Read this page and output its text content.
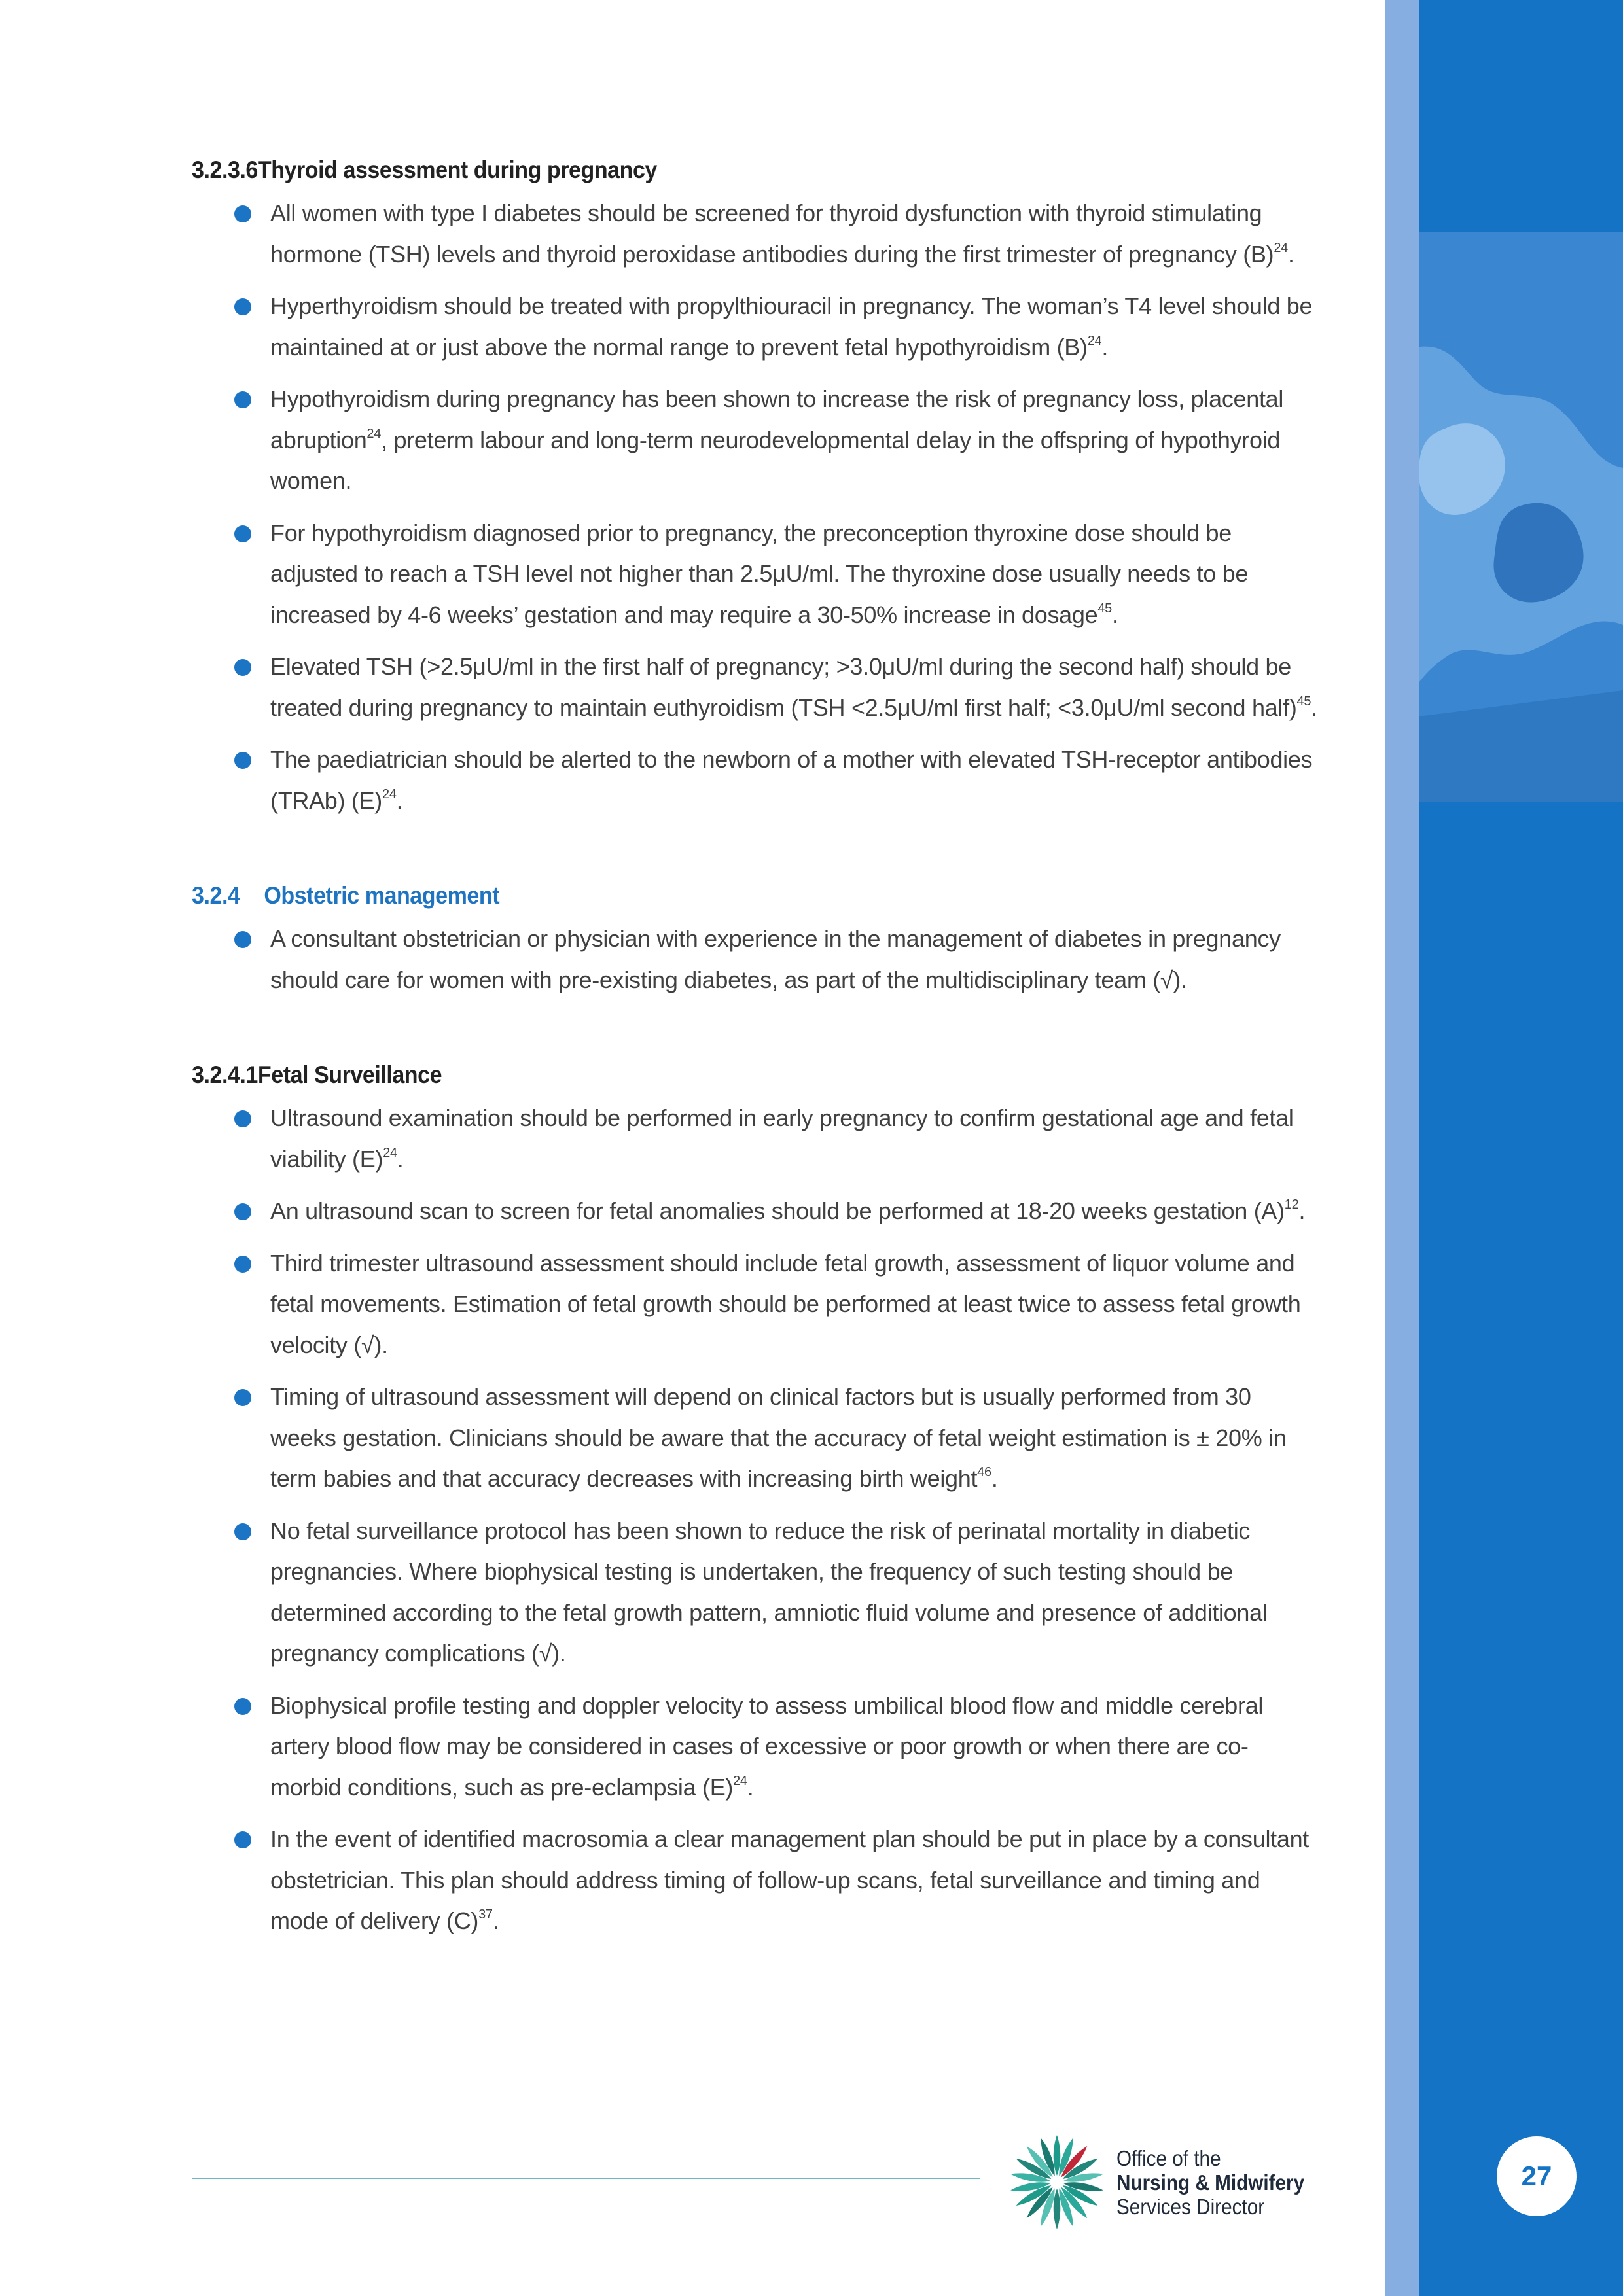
3.2.3.6Thyroid assessment during pregnancy
All women with type I diabetes should be screened for thyroid dysfunction with thyroid stimulating hormone (TSH) levels and thyroid peroxidase antibodies during the first trimester of pregnancy $(B)^{24}$.
Hyperthyroidism should be treated with propylthiouracil in pregnancy. The woman’s T4 level should be maintained at or just above the normal range to prevent fetal hypothyroidism $(B)^{24}$.
Hypothyroidism during pregnancy has been shown to increase the risk of pregnancy loss, placental abruption$^{24}$, preterm labour and long-term neurodevelopmental delay in the offspring of hypothyroid women.
For hypothyroidism diagnosed prior to pregnancy, the preconception thyroxine dose should be adjusted to reach a TSH level not higher than 2.5μU/ml. The thyroxine dose usually needs to be increased by 4-6 weeks’ gestation and may require a 30-50% increase in dosage$^{45}$.
Elevated TSH (>2.5μU/ml in the first half of pregnancy; >3.0μU/ml during the second half) should be treated during pregnancy to maintain euthyroidism (TSH <2.5μU/ml first half; <3.0μU/ml second half)$^{45}$.
The paediatrician should be alerted to the newborn of a mother with elevated TSH-receptor antibodies (TRAb) $(E)^{24}$.
3.2.4 Obstetric management
A consultant obstetrician or physician with experience in the management of diabetes in pregnancy should care for women with pre-existing diabetes, as part of the multidisciplinary team (√).
3.2.4.1Fetal Surveillance
Ultrasound examination should be performed in early pregnancy to confirm gestational age and fetal viability $(E)^{24}$.
An ultrasound scan to screen for fetal anomalies should be performed at 18-20 weeks gestation $(A)^{12}$.
Third trimester ultrasound assessment should include fetal growth, assessment of liquor volume and fetal movements. Estimation of fetal growth should be performed at least twice to assess fetal growth velocity (√).
Timing of ultrasound assessment will depend on clinical factors but is usually performed from 30 weeks gestation. Clinicians should be aware that the accuracy of fetal weight estimation is ± 20% in term babies and that accuracy decreases with increasing birth weight$^{46}$.
No fetal surveillance protocol has been shown to reduce the risk of perinatal mortality in diabetic pregnancies. Where biophysical testing is undertaken, the frequency of such testing should be determined according to the fetal growth pattern, amniotic fluid volume and presence of additional pregnancy complications (√).
Biophysical profile testing and doppler velocity to assess umbilical blood flow and middle cerebral artery blood flow may be considered in cases of excessive or poor growth or when there are co-morbid conditions, such as pre-eclampsia $(E)^{24}$.
In the event of identified macrosomia a clear management plan should be put in place by a consultant obstetrician. This plan should address timing of follow-up scans, fetal surveillance and timing and mode of delivery $(C)^{37}$.
Office of the
Nursing & Midwifery
Services Director
27
